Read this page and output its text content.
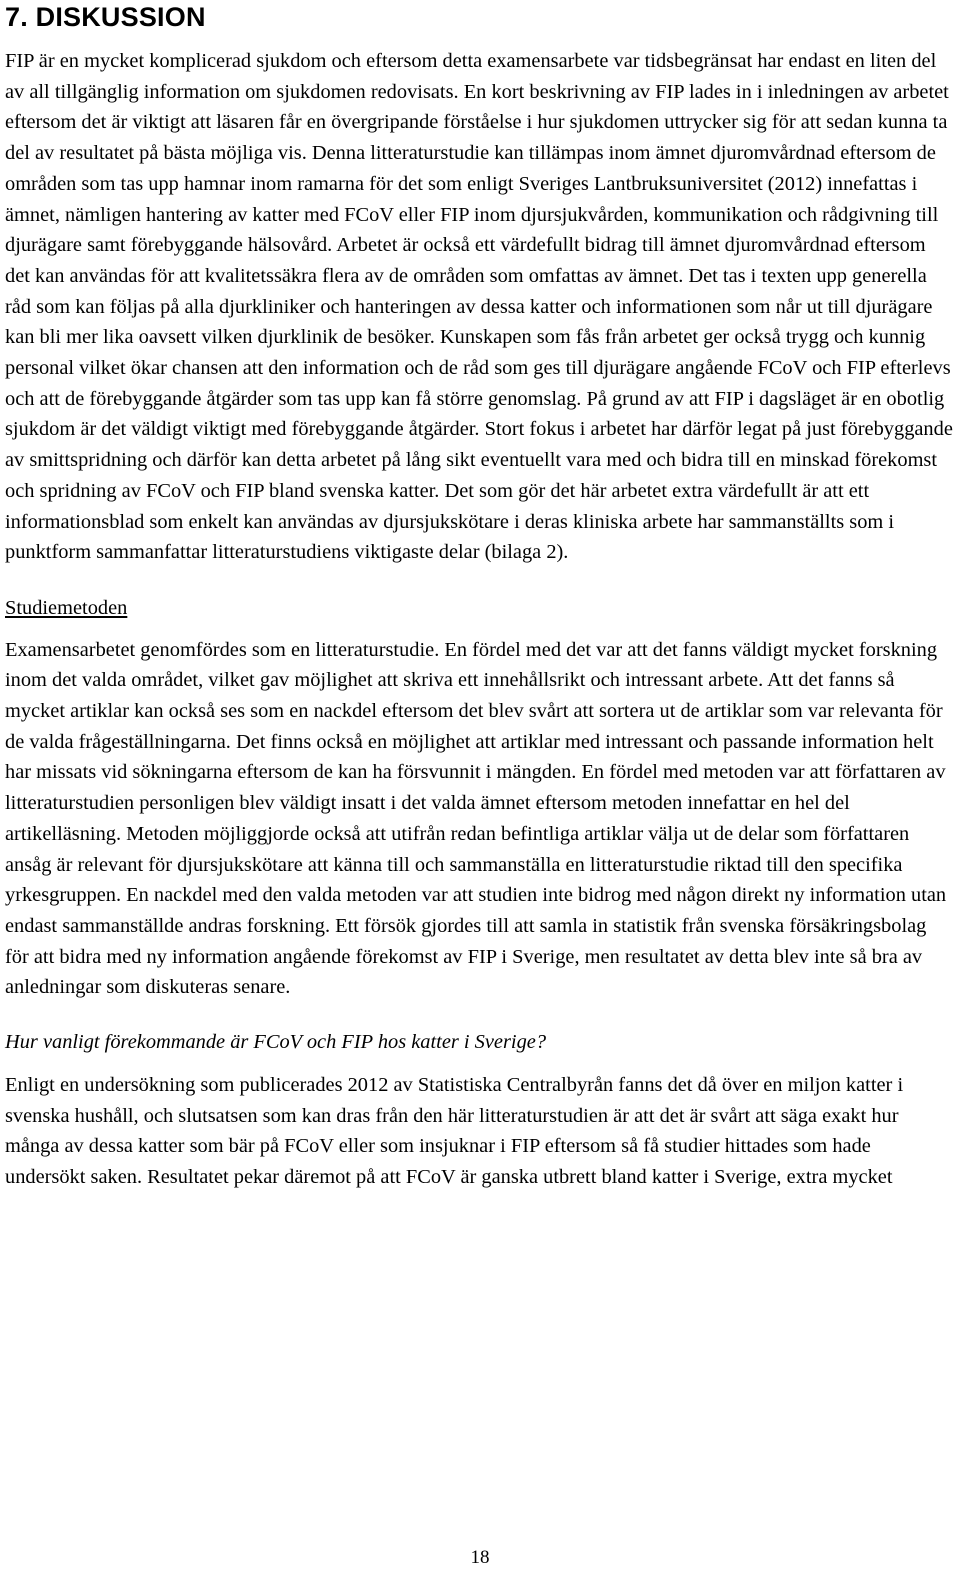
7. DISKUSSION

FIP är en mycket komplicerad sjukdom och eftersom detta examensarbete var tidsbegränsat har endast en liten del av all tillgänglig information om sjukdomen redovisats. En kort beskrivning av FIP lades in i inledningen av arbetet eftersom det är viktigt att läsaren får en övergripande förståelse i hur sjukdomen uttrycker sig för att sedan kunna ta del av resultatet på bästa möjliga vis. Denna litteraturstudie kan tillämpas inom ämnet djuromvårdnad eftersom de områden som tas upp hamnar inom ramarna för det som enligt Sveriges Lantbruksuniversitet (2012) innefattas i ämnet, nämligen hantering av katter med FCoV eller FIP inom djursjukvården, kommunikation och rådgivning till djurägare samt förebyggande hälsovård. Arbetet är också ett värdefullt bidrag till ämnet djuromvårdnad eftersom det kan användas för att kvalitetssäkra flera av de områden som omfattas av ämnet. Det tas i texten upp generella råd som kan följas på alla djurkliniker och hanteringen av dessa katter och informationen som når ut till djurägare kan bli mer lika oavsett vilken djurklinik de besöker. Kunskapen som fås från arbetet ger också trygg och kunnig personal vilket ökar chansen att den information och de råd som ges till djurägare angående FCoV och FIP efterlevs och att de förebyggande åtgärder som tas upp kan få större genomslag. På grund av att FIP i dagsläget är en obotlig sjukdom är det väldigt viktigt med förebyggande åtgärder. Stort fokus i arbetet har därför legat på just förebyggande av smittspridning och därför kan detta arbetet på lång sikt eventuellt vara med och bidra till en minskad förekomst och spridning av FCoV och FIP bland svenska katter. Det som gör det här arbetet extra värdefullt är att ett informationsblad som enkelt kan användas av djursjukskötare i deras kliniska arbete har sammanställts som i punktform sammanfattar litteraturstudiens viktigaste delar (bilaga 2).

Studiemetoden

Examensarbetet genomfördes som en litteraturstudie. En fördel med det var att det fanns väldigt mycket forskning inom det valda området, vilket gav möjlighet att skriva ett innehållsrikt och intressant arbete. Att det fanns så mycket artiklar kan också ses som en nackdel eftersom det blev svårt att sortera ut de artiklar som var relevanta för de valda frågeställningarna. Det finns också en möjlighet att artiklar med intressant och passande information helt har missats vid sökningarna eftersom de kan ha försvunnit i mängden. En fördel med metoden var att författaren av litteraturstudien personligen blev väldigt insatt i det valda ämnet eftersom metoden innefattar en hel del artikelläsning. Metoden möjliggjorde också att utifrån redan befintliga artiklar välja ut de delar som författaren ansåg är relevant för djursjukskötare att känna till och sammanställa en litteraturstudie riktad till den specifika yrkesgruppen. En nackdel med den valda metoden var att studien inte bidrog med någon direkt ny information utan endast sammanställde andras forskning. Ett försök gjordes till att samla in statistik från svenska försäkringsbolag för att bidra med ny information angående förekomst av FIP i Sverige, men resultatet av detta blev inte så bra av anledningar som diskuteras senare.

Hur vanligt förekommande är FCoV och FIP hos katter i Sverige?

Enligt en undersökning som publicerades 2012 av Statistiska Centralbyrån fanns det då över en miljon katter i svenska hushåll, och slutsatsen som kan dras från den här litteraturstudien är att det är svårt att säga exakt hur många av dessa katter som bär på FCoV eller som insjuknar i FIP eftersom så få studier hittades som hade undersökt saken. Resultatet pekar däremot på att FCoV är ganska utbrett bland katter i Sverige, extra mycket

18
